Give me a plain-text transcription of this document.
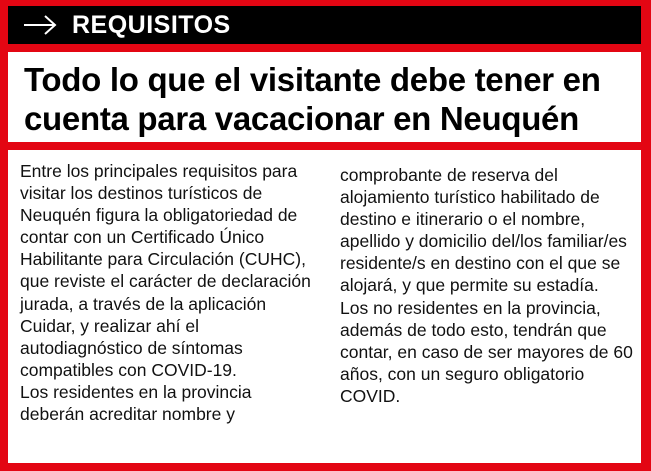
REQUISITOS
Todo lo que el visitante debe tener en cuenta para vacacionar en Neuquén

Entre los principales requisitos para visitar los destinos turísticos de Neuquén figura la obligatoriedad de contar con un Certificado Único Habilitante para Circulación (CUHC), que reviste el carácter de declaración jurada, a través de la aplicación Cuidar, y realizar ahí el autodiagnóstico de síntomas compatibles con COVID-19.

Los residentes en la provincia deberán acreditar nombre y

comprobante de reserva del alojamiento turístico habilitado de destino e itinerario o el nombre, apellido y domicilio del/los familiar/es residente/s en destino con el que se alojará, y que permite su estadía.

Los no residentes en la provincia, además de todo esto, tendrán que contar, en caso de ser mayores de 60 años, con un seguro obligatorio COVID.
